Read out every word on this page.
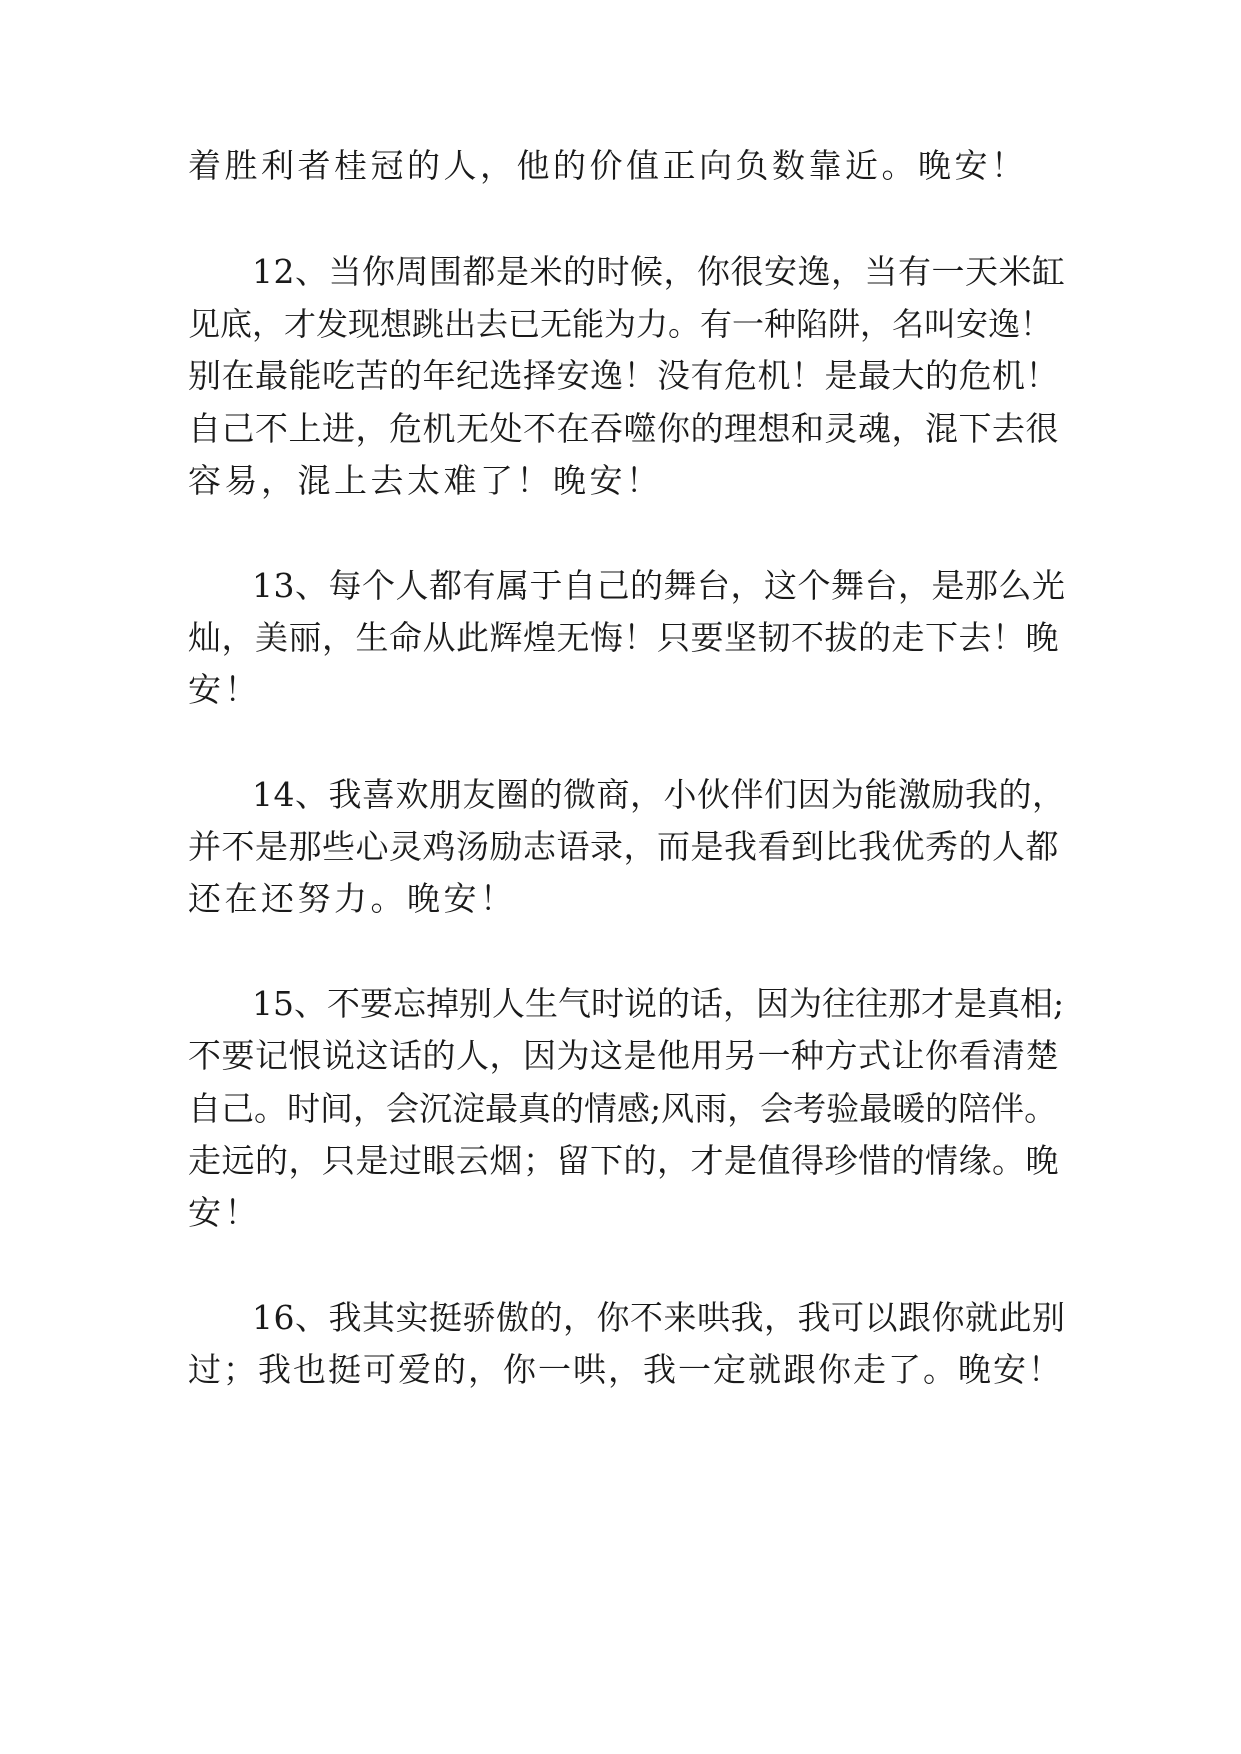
着胜利者桂冠的人，他的价值正向负数靠近。晚安！
12、当你周围都是米的时候，你很安逸，当有一天米缸
见底，才发现想跳出去已无能为力。有一种陷阱，名叫安逸！
别在最能吃苦的年纪选择安逸！没有危机！是最大的危机！
自己不上进，危机无处不在吞噬你的理想和灵魂，混下去很
容易，混上去太难了！晚安！
13、每个人都有属于自己的舞台，这个舞台，是那么光
灿，美丽，生命从此辉煌无悔！只要坚韧不拔的走下去！晚
安！
14、我喜欢朋友圈的微商，小伙伴们因为能激励我的，
并不是那些心灵鸡汤励志语录，而是我看到比我优秀的人都
还在还努力。晚安！
15、不要忘掉别人生气时说的话，因为往往那才是真相;
不要记恨说这话的人，因为这是他用另一种方式让你看清楚
自己。时间，会沉淀最真的情感;风雨，会考验最暖的陪伴。
走远的，只是过眼云烟；留下的，才是值得珍惜的情缘。晚
安！
16、我其实挺骄傲的，你不来哄我，我可以跟你就此别
过；我也挺可爱的，你一哄，我一定就跟你走了。晚安！
